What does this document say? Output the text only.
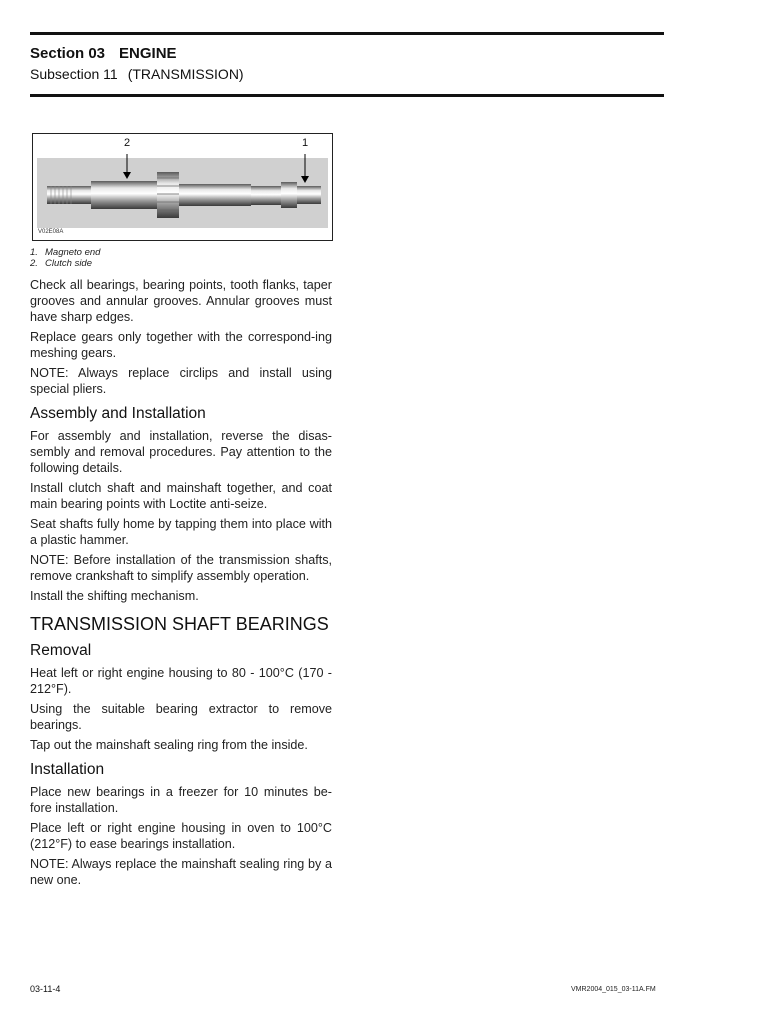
Section 03 ENGINE
Subsection 11 (TRANSMISSION)
2	1
V02E08A
1. Magneto end
2. Clutch side

Check all bearings, bearing points, tooth flanks, taper grooves and annular grooves. Annular grooves must have sharp edges.

Replace gears only together with the correspond-ing meshing gears.

NOTE: Always replace circlips and install using special pliers.

Assembly and Installation

For assembly and installation, reverse the disas-sembly and removal procedures. Pay attention to the following details.

Install clutch shaft and mainshaft together, and coat main bearing points with Loctite anti-seize.

Seat shafts fully home by tapping them into place with a plastic hammer.

NOTE: Before installation of the transmission shafts, remove crankshaft to simplify assembly operation.

Install the shifting mechanism.

TRANSMISSION SHAFT BEARINGS
Removal

Heat left or right engine housing to 80 - 100°C (170 - 212°F).

Using the suitable bearing extractor to remove bearings.

Tap out the mainshaft sealing ring from the inside.

Installation

Place new bearings in a freezer for 10 minutes be-fore installation.

Place left or right engine housing in oven to 100°C (212°F) to ease bearings installation.

NOTE: Always replace the mainshaft sealing ring by a new one.

03-11-4	VMR2004_015_03-11A.FM
